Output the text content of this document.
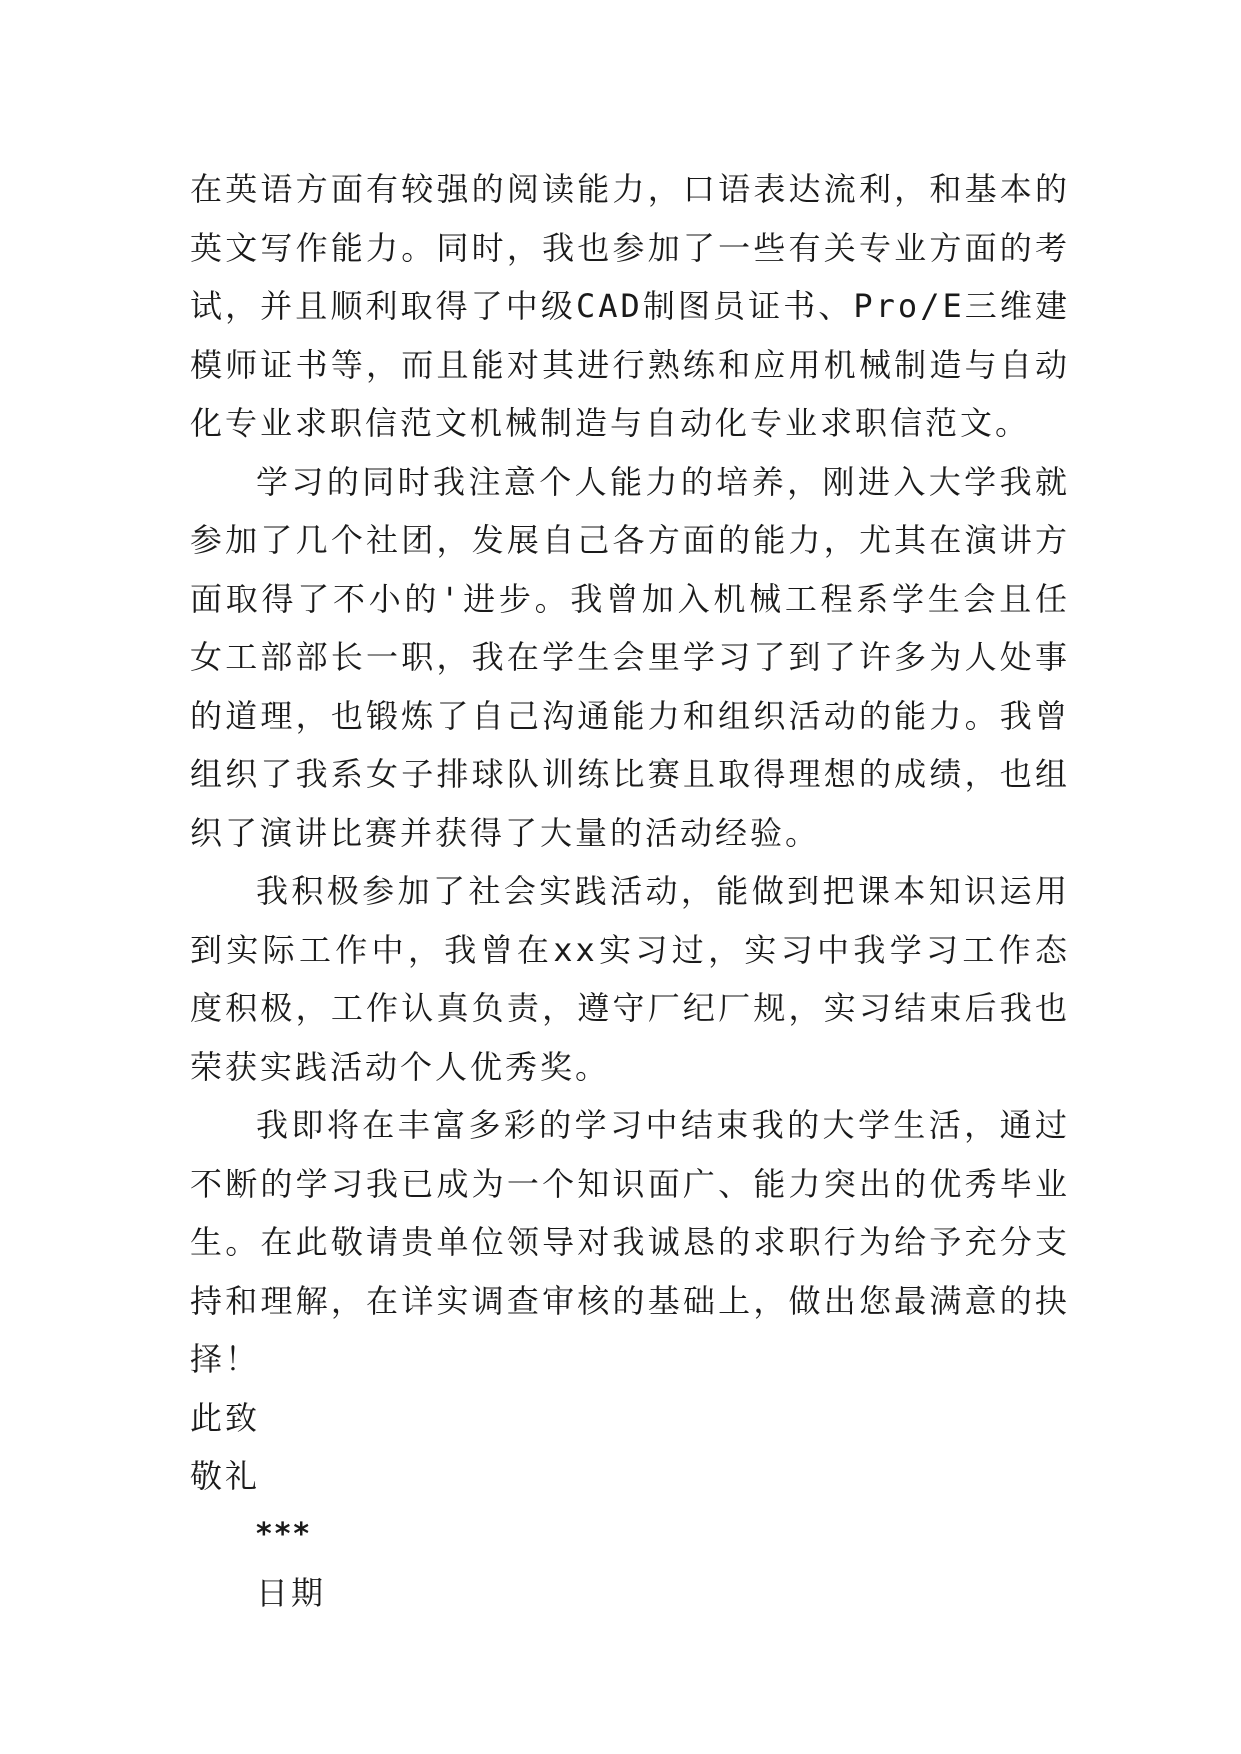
在英语方面有较强的阅读能力，口语表达流利，和基本的英文写作能力。同时，我也参加了一些有关专业方面的考试，并且顺利取得了中级CAD制图员证书、Pro/E三维建模师证书等，而且能对其进行熟练和应用机械制造与自动化专业求职信范文机械制造与自动化专业求职信范文。

学习的同时我注意个人能力的培养，刚进入大学我就参加了几个社团，发展自己各方面的能力，尤其在演讲方面取得了不小的'进步。我曾加入机械工程系学生会且任女工部部长一职，我在学生会里学习了到了许多为人处事的道理，也锻炼了自己沟通能力和组织活动的能力。我曾组织了我系女子排球队训练比赛且取得理想的成绩，也组织了演讲比赛并获得了大量的活动经验。

我积极参加了社会实践活动，能做到把课本知识运用到实际工作中，我曾在xx实习过，实习中我学习工作态度积极，工作认真负责，遵守厂纪厂规，实习结束后我也荣获实践活动个人优秀奖。

我即将在丰富多彩的学习中结束我的大学生活，通过不断的学习我已成为一个知识面广、能力突出的优秀毕业生。在此敬请贵单位领导对我诚恳的求职行为给予充分支持和理解，在详实调查审核的基础上，做出您最满意的抉择！

此致

敬礼

***

日期
